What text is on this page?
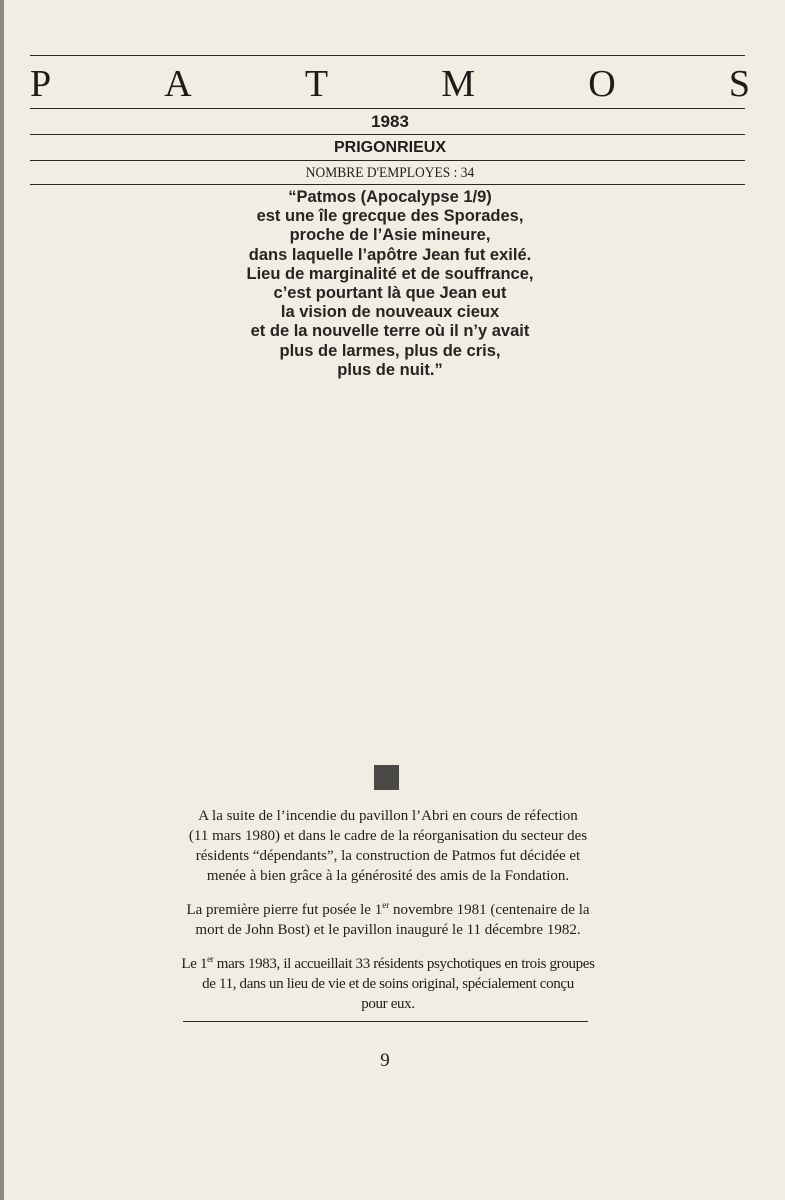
P	A	T	M	O	S
1983
PRIGONRIEUX
NOMBRE D'EMPLOYES : 34
“Patmos (Apocalypse 1/9)
est une île grecque des Sporades,
proche de l’Asie mineure,
dans laquelle l’apôtre Jean fut exilé.
Lieu de marginalité et de souffrance,
c’est pourtant là que Jean eut
la vision de nouveaux cieux
et de la nouvelle terre où il n’y avait
plus de larmes, plus de cris,
plus de nuit.”

A la suite de l’incendie du pavillon l’Abri en cours de réfection
(11 mars 1980) et dans le cadre de la réorganisation du secteur des
résidents “dépendants”, la construction de Patmos fut décidée et
menée à bien grâce à la générosité des amis de la Fondation.

La première pierre fut posée le 1er novembre 1981 (centenaire de la
mort de John Bost) et le pavillon inauguré le 11 décembre 1982.

Le 1er mars 1983, il accueillait 33 résidents psychotiques en trois groupes
de 11, dans un lieu de vie et de soins original, spécialement conçu
pour eux.

9
